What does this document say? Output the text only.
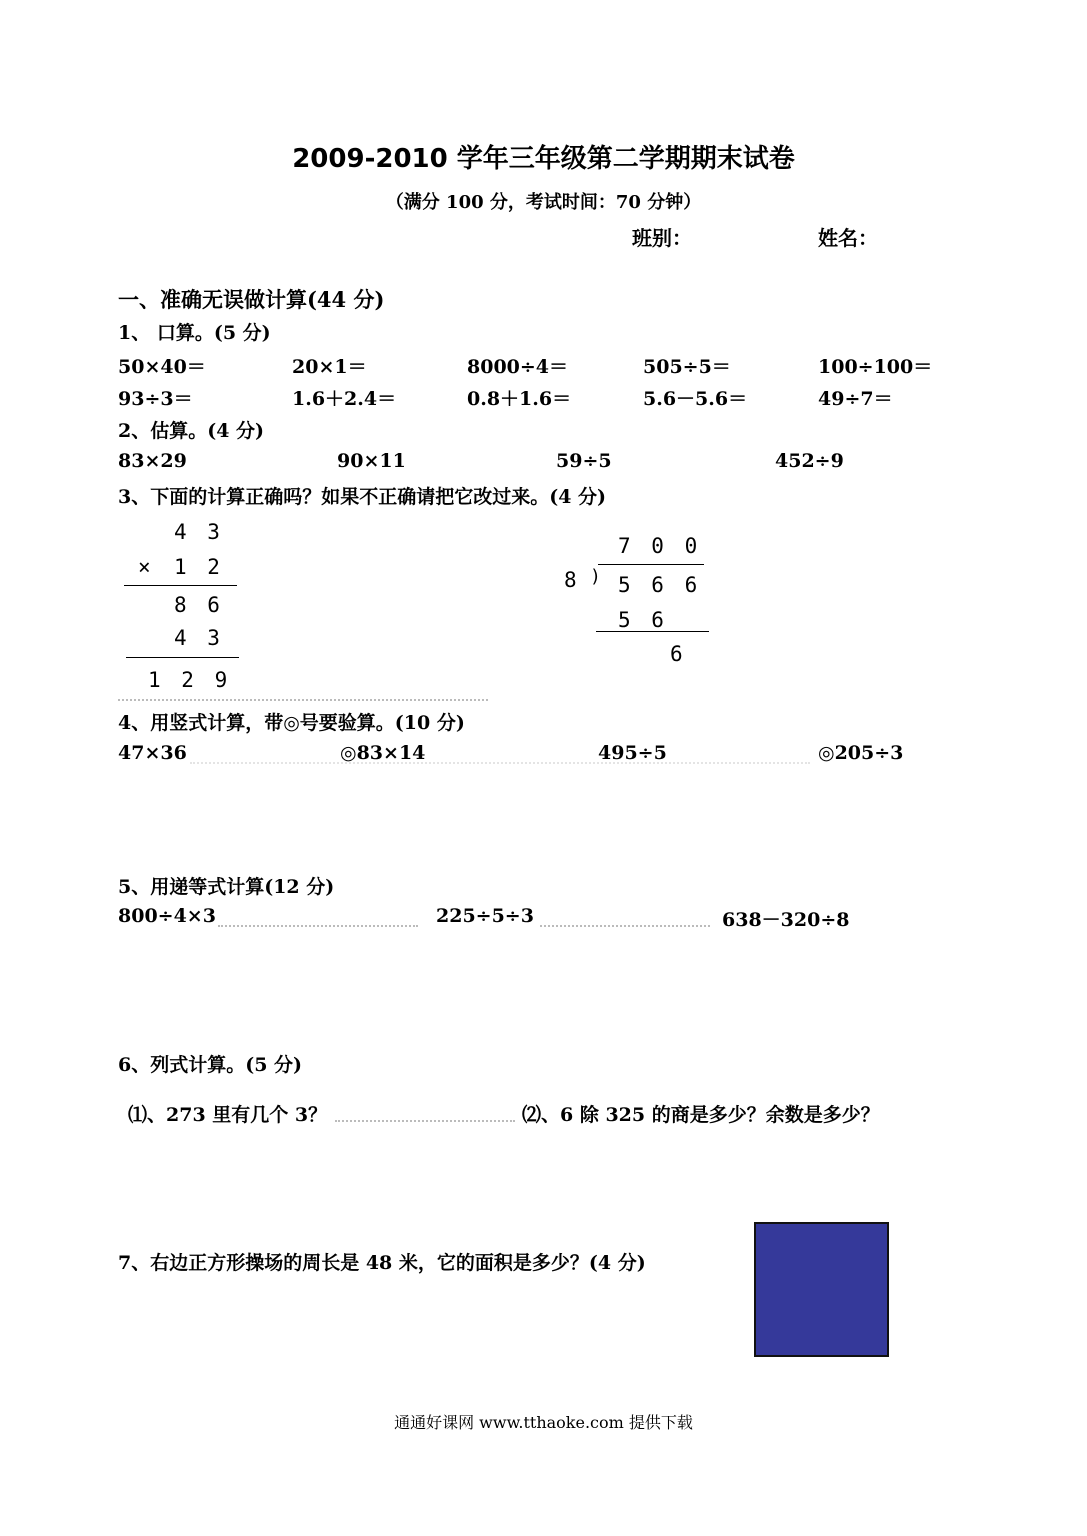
2009-2010 学年三年级第二学期期末试卷
（满分 100 分，考试时间：70 分钟）
班别：	姓名：
一、准确无误做计算(44 分)
1、 口算。(5 分)
50×40＝	20×1＝	8000÷4＝	505÷5＝	100÷100＝
93÷3＝	1.6＋2.4＝	0.8＋1.6＝	5.6－5.6＝	49÷7＝
2、估算。(4 分)
83×29	90×11	59÷5	452÷9
3、下面的计算正确吗？如果不正确请把它改过来。(4 分)
4 3
× 1 2
8 6
4 3
1 2 9
7 0 0
8 ) 5 6 6
5 6
6
4、用竖式计算，带◎号要验算。(10 分)
47×36	◎83×14	495÷5	◎205÷3
5、用递等式计算(12 分)
800÷4×3	225÷5÷3	638－320÷8
6、列式计算。(5 分)
⑴、273 里有几个 3？	⑵、6 除 325 的商是多少？余数是多少？
7、右边正方形操场的周长是 48 米，它的面积是多少？(4 分)
通通好课网 www.tthaoke.com 提供下载
